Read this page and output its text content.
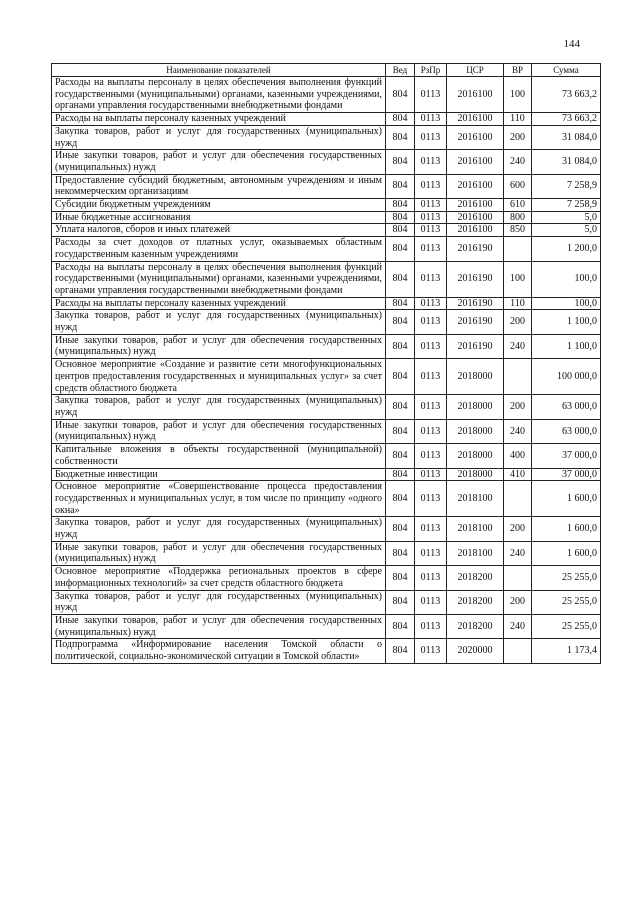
144
Наименование показателей	Вед	РзПр	ЦСР	ВР	Сумма
Расходы на выплаты персоналу в целях обеспечения выполнения функций государственными (муниципальными) органами, казенными учреждениями, органами управления государственными внебюджетными фондами	804	0113	2016100	100	73 663,2
Расходы на выплаты персоналу казенных учреждений	804	0113	2016100	110	73 663,2
Закупка товаров, работ и услуг для государственных (муниципальных) нужд	804	0113	2016100	200	31 084,0
Иные закупки товаров, работ и услуг для обеспечения государственных (муниципальных) нужд	804	0113	2016100	240	31 084,0
Предоставление субсидий бюджетным, автономным учреждениям и иным некоммерческим организациям	804	0113	2016100	600	7 258,9
Субсидии бюджетным учреждениям	804	0113	2016100	610	7 258,9
Иные бюджетные ассигнования	804	0113	2016100	800	5,0
Уплата налогов, сборов и иных платежей	804	0113	2016100	850	5,0
Расходы за счет доходов от платных услуг, оказываемых областным государственным казенным учреждениями	804	0113	2016190		1 200,0
Расходы на выплаты персоналу в целях обеспечения выполнения функций государственными (муниципальными) органами, казенными учреждениями, органами управления государственными внебюджетными фондами	804	0113	2016190	100	100,0
Расходы на выплаты персоналу казенных учреждений	804	0113	2016190	110	100,0
Закупка товаров, работ и услуг для государственных (муниципальных) нужд	804	0113	2016190	200	1 100,0
Иные закупки товаров, работ и услуг для обеспечения государственных (муниципальных) нужд	804	0113	2016190	240	1 100,0
Основное мероприятие «Создание и развитие сети многофункциональных центров предоставления государственных и муниципальных услуг» за счет средств областного бюджета	804	0113	2018000		100 000,0
Закупка товаров, работ и услуг для государственных (муниципальных) нужд	804	0113	2018000	200	63 000,0
Иные закупки товаров, работ и услуг для обеспечения государственных (муниципальных) нужд	804	0113	2018000	240	63 000,0
Капитальные вложения в объекты государственной (муниципальной) собственности	804	0113	2018000	400	37 000,0
Бюджетные инвестиции	804	0113	2018000	410	37 000,0
Основное мероприятие «Совершенствование процесса предоставления государственных и муниципальных услуг, в том числе по принципу «одного окна»	804	0113	2018100		1 600,0
Закупка товаров, работ и услуг для государственных (муниципальных) нужд	804	0113	2018100	200	1 600,0
Иные закупки товаров, работ и услуг для обеспечения государственных (муниципальных) нужд	804	0113	2018100	240	1 600,0
Основное мероприятие «Поддержка региональных проектов в сфере информационных технологий» за счет средств областного бюджета	804	0113	2018200		25 255,0
Закупка товаров, работ и услуг для государственных (муниципальных) нужд	804	0113	2018200	200	25 255,0
Иные закупки товаров, работ и услуг для обеспечения государственных (муниципальных) нужд	804	0113	2018200	240	25 255,0
Подпрограмма «Информирование населения Томской области о политической, социально-экономической ситуации в Томской области»	804	0113	2020000		1 173,4
